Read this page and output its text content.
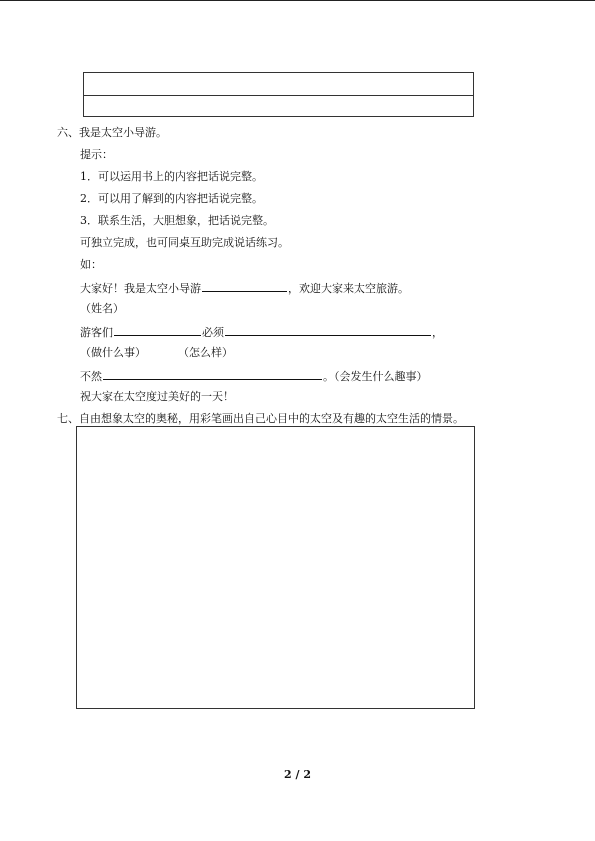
六、我是太空小导游。
提示：
1．可以运用书上的内容把话说完整。
2．可以用了解到的内容把话说完整。
3．联系生活，大胆想象，把话说完整。
可独立完成，也可同桌互助完成说话练习。
如：
大家好！我是太空小导游	，欢迎大家来太空旅游。
（姓名）
游客们	必须	，
（做什么事）	（怎么样）
不然	。（会发生什么趣事）
祝大家在太空度过美好的一天！
七、自由想象太空的奥秘，用彩笔画出自己心目中的太空及有趣的太空生活的情景。
2 / 2
